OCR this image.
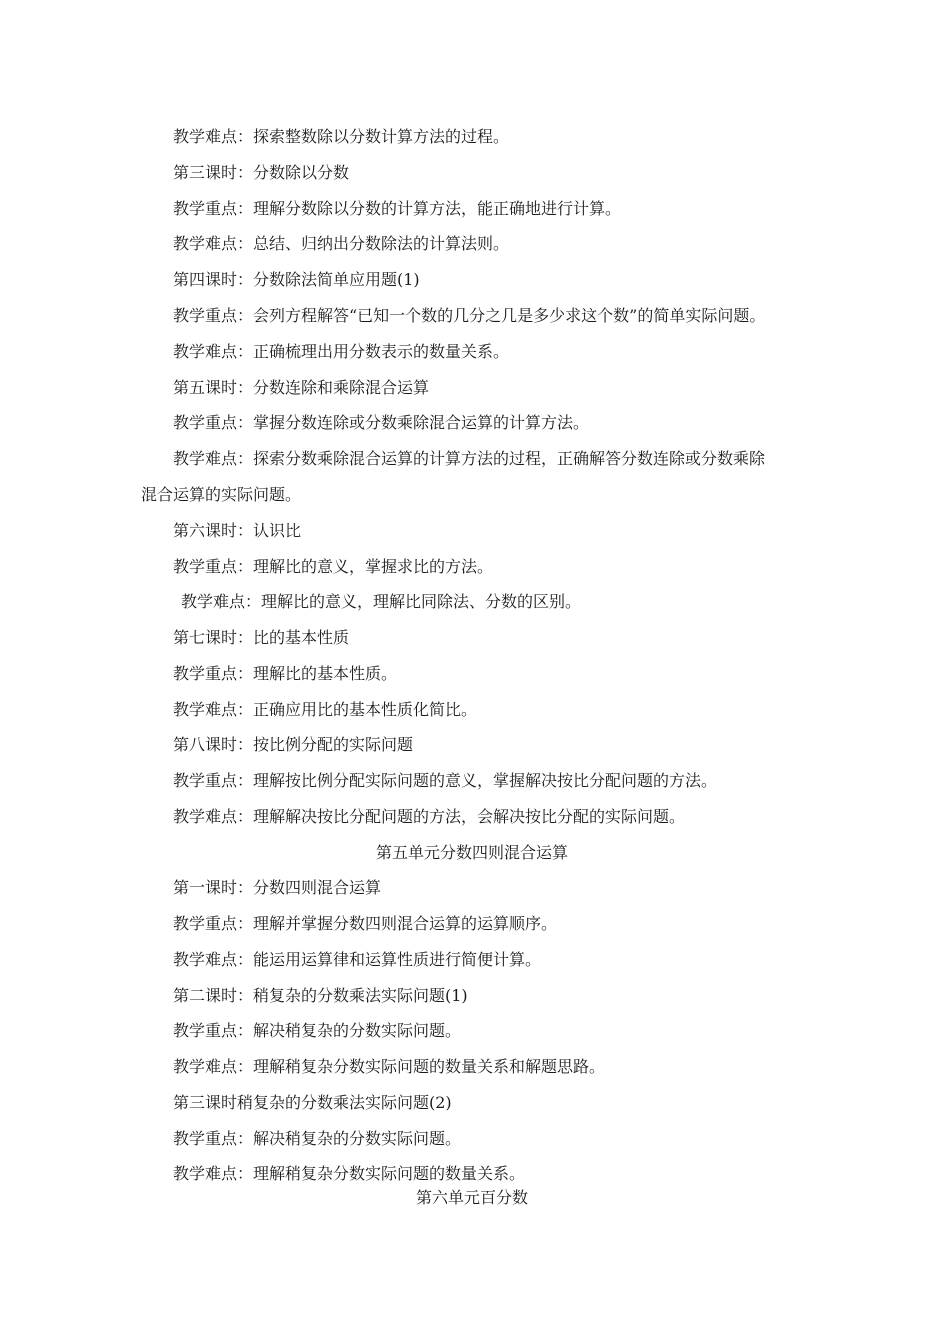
教学难点：探索整数除以分数计算方法的过程。
第三课时：分数除以分数
教学重点：理解分数除以分数的计算方法，能正确地进行计算。
教学难点：总结、归纳出分数除法的计算法则。
第四课时：分数除法简单应用题(1)
教学重点：会列方程解答“已知一个数的几分之几是多少求这个数”的简单实际问题。
教学难点：正确梳理出用分数表示的数量关系。
第五课时：分数连除和乘除混合运算
教学重点：掌握分数连除或分数乘除混合运算的计算方法。
教学难点：探索分数乘除混合运算的计算方法的过程，正确解答分数连除或分数乘除
混合运算的实际问题。
第六课时：认识比
教学重点：理解比的意义，掌握求比的方法。
教学难点：理解比的意义，理解比同除法、分数的区别。
第七课时：比的基本性质
教学重点：理解比的基本性质。
教学难点：正确应用比的基本性质化简比。
第八课时：按比例分配的实际问题
教学重点：理解按比例分配实际问题的意义，掌握解决按比分配问题的方法。
教学难点：理解解决按比分配问题的方法，会解决按比分配的实际问题。
第五单元分数四则混合运算
第一课时：分数四则混合运算
教学重点：理解并掌握分数四则混合运算的运算顺序。
教学难点：能运用运算律和运算性质进行简便计算。
第二课时：稍复杂的分数乘法实际问题(1)
教学重点：解决稍复杂的分数实际问题。
教学难点：理解稍复杂分数实际问题的数量关系和解题思路。
第三课时稍复杂的分数乘法实际问题(2)
教学重点：解决稍复杂的分数实际问题。
教学难点：理解稍复杂分数实际问题的数量关系。
第六单元百分数
